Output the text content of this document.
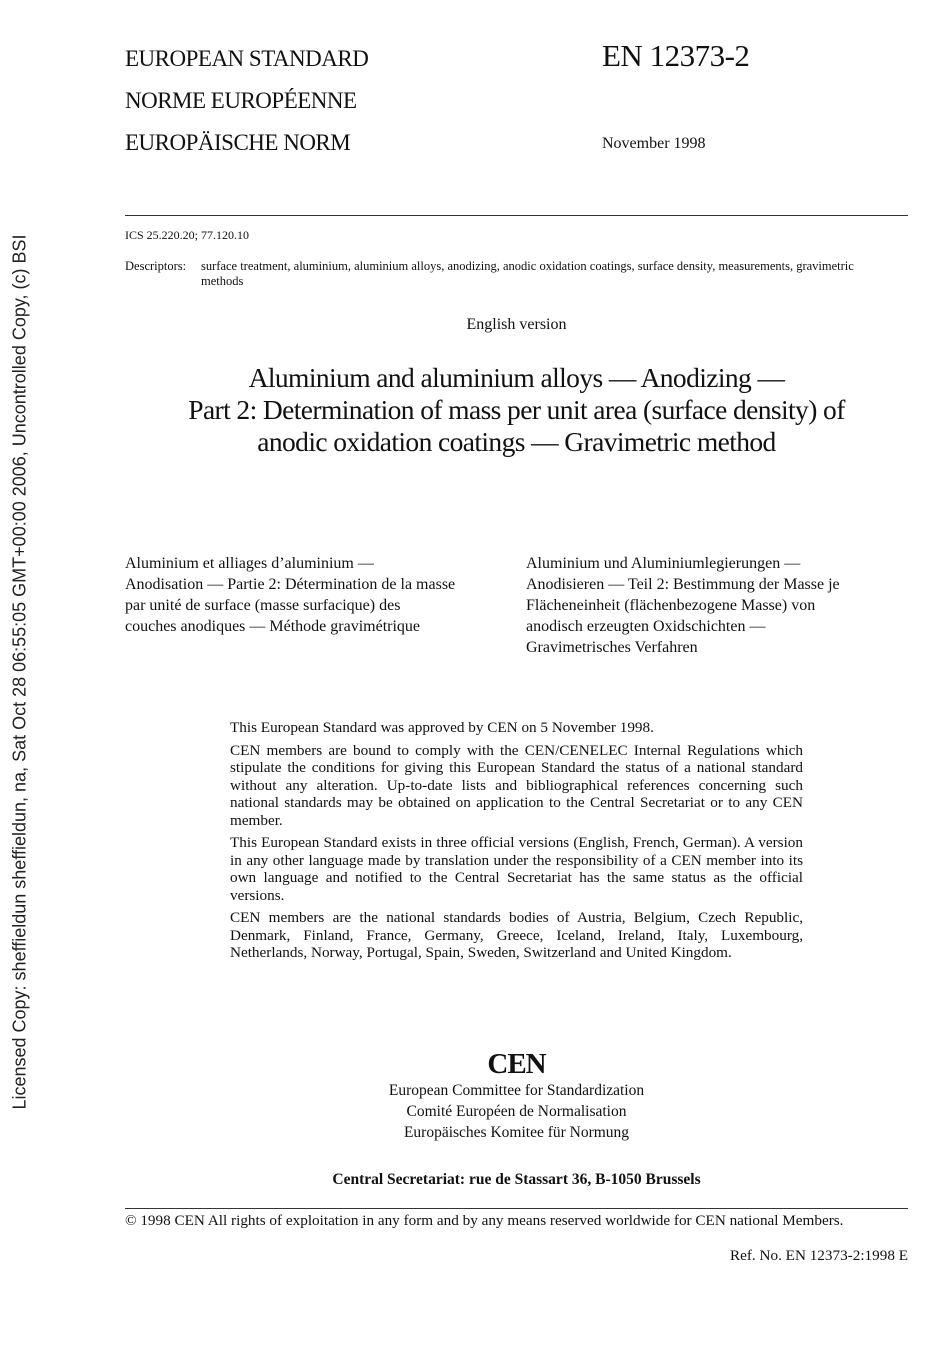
Licensed Copy: sheffieldun sheffieldun, na, Sat Oct 28 06:55:05 GMT+00:00 2006, Uncontrolled Copy, (c) BSI
EUROPEAN STANDARD
NORME EUROPÉENNE
EUROPÄISCHE NORM
EN 12373-2
November 1998
ICS 25.220.20; 77.120.10
Descriptors:	surface treatment, aluminium, aluminium alloys, anodizing, anodic oxidation coatings, surface density, measurements, gravimetric methods
English version
Aluminium and aluminium alloys — Anodizing —
Part 2: Determination of mass per unit area (surface density) of
anodic oxidation coatings — Gravimetric method
Aluminium et alliages d’aluminium —
Anodisation — Partie 2: Détermination de la masse
par unité de surface (masse surfacique) des
couches anodiques — Méthode gravimétrique
Aluminium und Aluminiumlegierungen —
Anodisieren — Teil 2: Bestimmung der Masse je
Flächeneinheit (flächenbezogene Masse) von
anodisch erzeugten Oxidschichten —
Gravimetrisches Verfahren

This European Standard was approved by CEN on 5 November 1998.

CEN members are bound to comply with the CEN/CENELEC Internal Regulations which stipulate the conditions for giving this European Standard the status of a national standard without any alteration. Up-to-date lists and bibliographical references concerning such national standards may be obtained on application to the Central Secretariat or to any CEN member.

This European Standard exists in three official versions (English, French, German). A version in any other language made by translation under the responsibility of a CEN member into its own language and notified to the Central Secretariat has the same status as the official versions.

CEN members are the national standards bodies of Austria, Belgium, Czech Republic, Denmark, Finland, France, Germany, Greece, Iceland, Ireland, Italy, Luxembourg, Netherlands, Norway, Portugal, Spain, Sweden, Switzerland and United Kingdom.

CEN
European Committee for Standardization
Comité Européen de Normalisation
Europäisches Komitee für Normung
Central Secretariat: rue de Stassart 36, B-1050 Brussels
© 1998 CEN All rights of exploitation in any form and by any means reserved worldwide for CEN national Members.
Ref. No. EN 12373-2:1998 E
